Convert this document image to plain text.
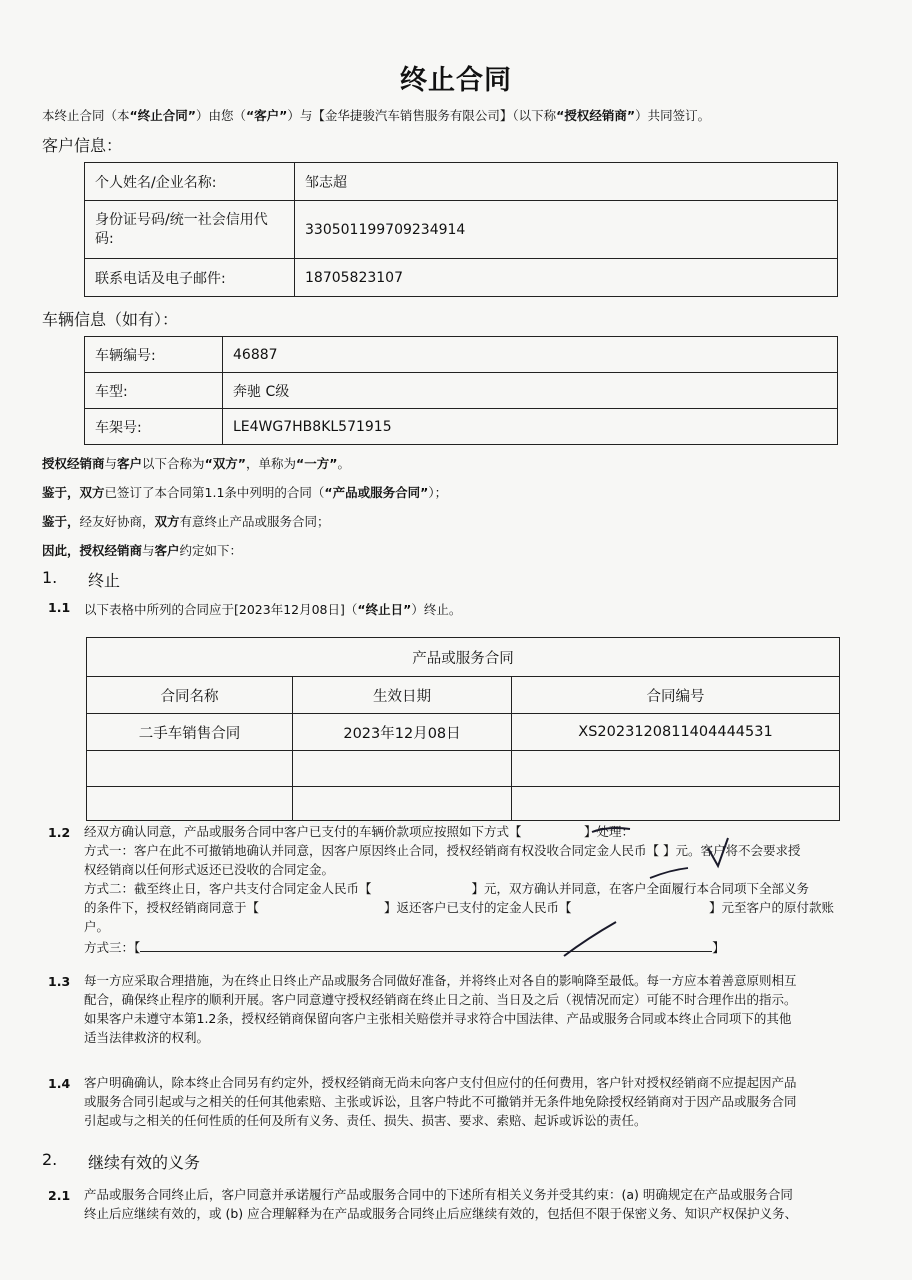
终止合同
本终止合同（本“终止合同”）由您（“客户”）与【金华捷骏汽车销售服务有限公司】（以下称“授权经销商”）共同签订。
客户信息：
个人姓名/企业名称:	邹志超
身份证号码/统一社会信用代码:	330501199709234914
联系电话及电子邮件:	18705823107
车辆信息（如有）：
车辆编号:	46887
车型:	奔驰 C级
车架号:	LE4WG7HB8KL571915
授权经销商与客户以下合称为“双方”，单称为“一方”。
鉴于，双方已签订了本合同第1.1条中列明的合同（“产品或服务合同”）；
鉴于，经友好协商，双方有意终止产品或服务合同；
因此，授权经销商与客户约定如下：
1. 终止
1.1 以下表格中所列的合同应于[2023年12月08日]（“终止日”）终止。
产品或服务合同		
合同名称	生效日期	合同编号
二手车销售合同	2023年12月08日	XS2023120811404444531

1.2 经双方确认同意，产品或服务合同中客户已支付的车辆价款项应按照如下方式【　　　　　】处理：
方式一：客户在此不可撤销地确认并同意，因客户原因终止合同，授权经销商有权没收合同定金人民币【 】元。客户将不会要求授
权经销商以任何形式返还已没收的合同定金。
方式二：截至终止日，客户共支付合同定金人民币【　　　　　　　　】元，双方确认并同意，在客户全面履行本合同项下全部义务
的条件下，授权经销商同意于【　　　　　　　　　　】返还客户已支付的定金人民币【　　　　　　　　　　　】元至客户的原付款账
户。
方式三：【	】
1.3 每一方应采取合理措施，为在终止日终止产品或服务合同做好准备，并将终止对各自的影响降至最低。每一方应本着善意原则相互
配合，确保终止程序的顺利开展。客户同意遵守授权经销商在终止日之前、当日及之后（视情况而定）可能不时合理作出的指示。
如果客户未遵守本第1.2条，授权经销商保留向客户主张相关赔偿并寻求符合中国法律、产品或服务合同或本终止合同项下的其他
适当法律救济的权利。
1.4 客户明确确认，除本终止合同另有约定外，授权经销商无尚未向客户支付但应付的任何费用，客户针对授权经销商不应提起因产品
或服务合同引起或与之相关的任何其他索赔、主张或诉讼，且客户特此不可撤销并无条件地免除授权经销商对于因产品或服务合同
引起或与之相关的任何性质的任何及所有义务、责任、损失、损害、要求、索赔、起诉或诉讼的责任。
2. 继续有效的义务
2.1 产品或服务合同终止后，客户同意并承诺履行产品或服务合同中的下述所有相关义务并受其约束：(a) 明确规定在产品或服务合同
终止后应继续有效的，或 (b) 应合理解释为在产品或服务合同终止后应继续有效的，包括但不限于保密义务、知识产权保护义务、
